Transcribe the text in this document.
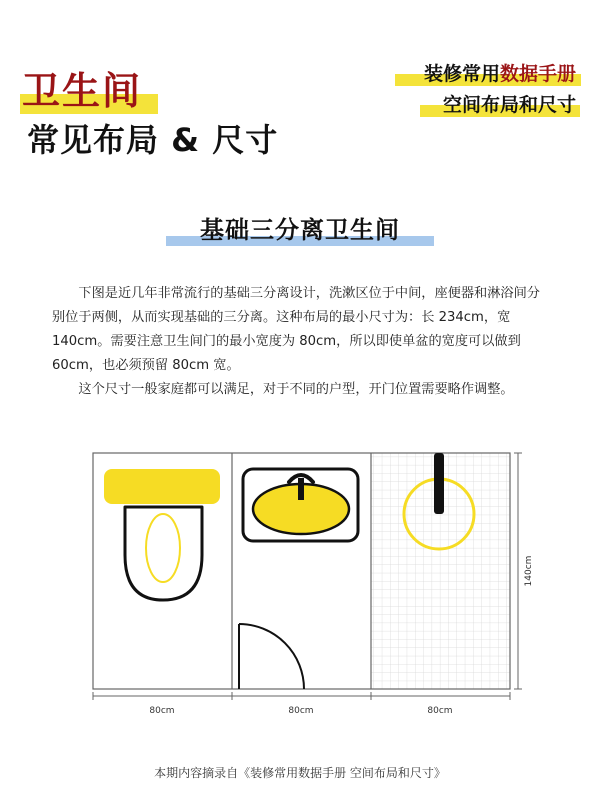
卫生间
常见布局 & 尺寸
装修常用数据手册
空间布局和尺寸
基础三分离卫生间

下图是近几年非常流行的基础三分离设计，洗漱区位于中间，座便器和淋浴间分别位于两侧，从而实现基础的三分离。这种布局的最小尺寸为：长 234cm，宽 140cm。需要注意卫生间门的最小宽度为 80cm，所以即使单盆的宽度可以做到 60cm，也必须预留 80cm 宽。

这个尺寸一般家庭都可以满足，对于不同的户型，开门位置需要略作调整。

140cm
80cm	80cm	80cm
本期内容摘录自《装修常用数据手册 空间布局和尺寸》
